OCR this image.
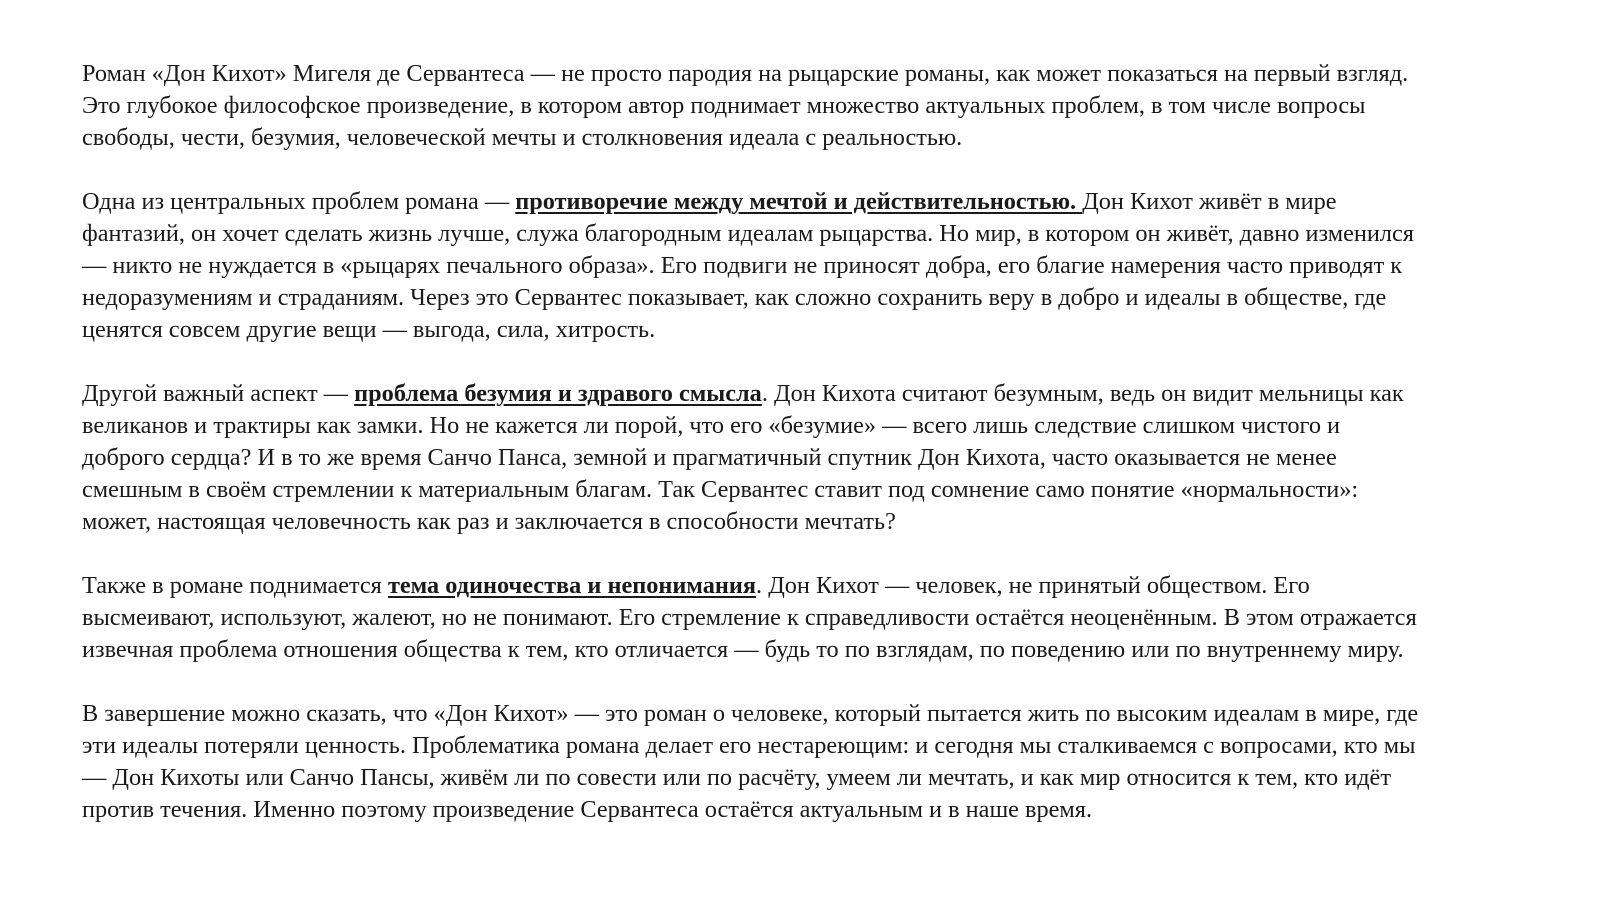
Роман «Дон Кихот» Мигеля де Сервантеса — не просто пародия на рыцарские романы, как может показаться на первый взгляд.
Это глубокое философское произведение, в котором автор поднимает множество актуальных проблем, в том числе вопросы
свободы, чести, безумия, человеческой мечты и столкновения идеала с реальностью.

Одна из центральных проблем романа — противоречие между мечтой и действительностью. Дон Кихот живёт в мире
фантазий, он хочет сделать жизнь лучше, служа благородным идеалам рыцарства. Но мир, в котором он живёт, давно изменился
— никто не нуждается в «рыцарях печального образа». Его подвиги не приносят добра, его благие намерения часто приводят к
недоразумениям и страданиям. Через это Сервантес показывает, как сложно сохранить веру в добро и идеалы в обществе, где
ценятся совсем другие вещи — выгода, сила, хитрость.

Другой важный аспект — проблема безумия и здравого смысла. Дон Кихота считают безумным, ведь он видит мельницы как
великанов и трактиры как замки. Но не кажется ли порой, что его «безумие» — всего лишь следствие слишком чистого и
доброго сердца? И в то же время Санчо Панса, земной и прагматичный спутник Дон Кихота, часто оказывается не менее
смешным в своём стремлении к материальным благам. Так Сервантес ставит под сомнение само понятие «нормальности»:
может, настоящая человечность как раз и заключается в способности мечтать?

Также в романе поднимается тема одиночества и непонимания. Дон Кихот — человек, не принятый обществом. Его
высмеивают, используют, жалеют, но не понимают. Его стремление к справедливости остаётся неоценённым. В этом отражается
извечная проблема отношения общества к тем, кто отличается — будь то по взглядам, по поведению или по внутреннему миру.

В завершение можно сказать, что «Дон Кихот» — это роман о человеке, который пытается жить по высоким идеалам в мире, где
эти идеалы потеряли ценность. Проблематика романа делает его нестареющим: и сегодня мы сталкиваемся с вопросами, кто мы
— Дон Кихоты или Санчо Пансы, живём ли по совести или по расчёту, умеем ли мечтать, и как мир относится к тем, кто идёт
против течения. Именно поэтому произведение Сервантеса остаётся актуальным и в наше время.
